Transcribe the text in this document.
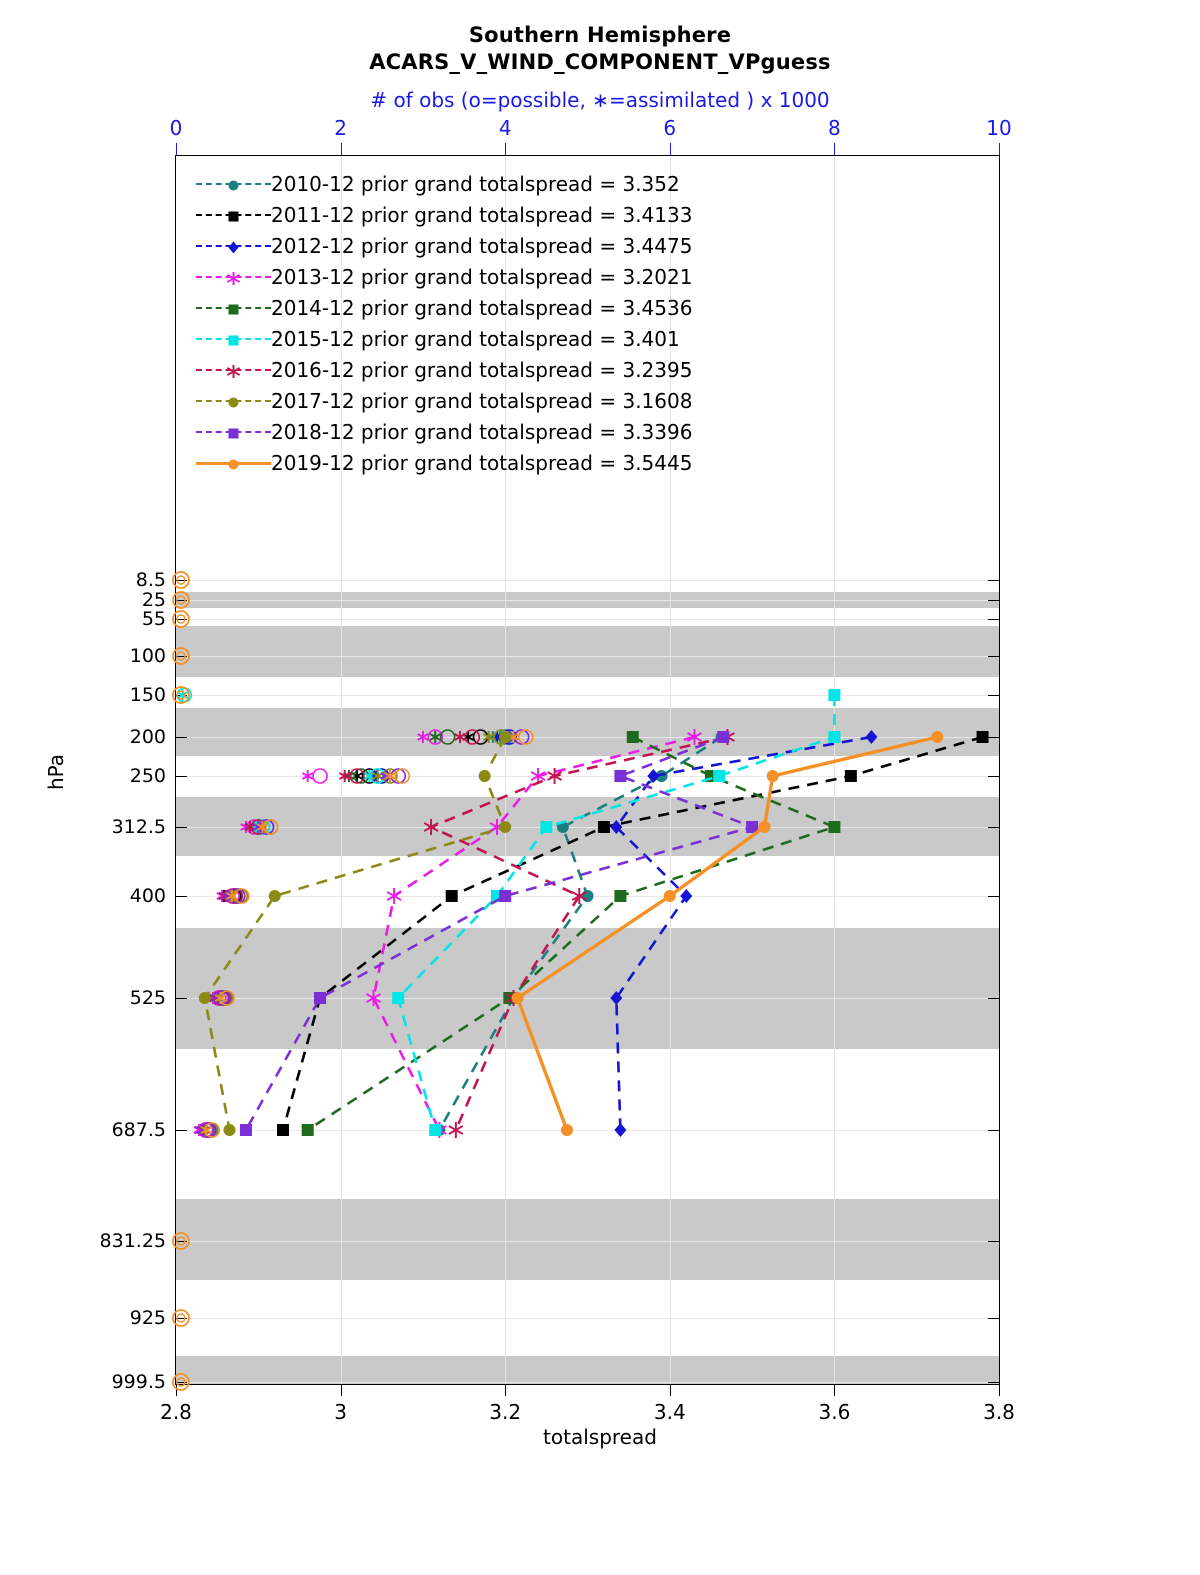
Southern Hemisphere
ACARS_V_WIND_COMPONENT_VPguess
# of obs (o=possible, ∗=assimilated ) x 1000
hPa
totalspread
8.5
25
55
100
150
200
250
312.5
400
525
687.5
831.25
925
999.5
2.8	3	3.2	3.4	3.6	3.8
0	2	4	6	8	10
2010-12 prior grand totalspread = 3.352
2011-12 prior grand totalspread = 3.4133
2012-12 prior grand totalspread = 3.4475
2013-12 prior grand totalspread = 3.2021
2014-12 prior grand totalspread = 3.4536
2015-12 prior grand totalspread = 3.401
2016-12 prior grand totalspread = 3.2395
2017-12 prior grand totalspread = 3.1608
2018-12 prior grand totalspread = 3.3396
2019-12 prior grand totalspread = 3.5445
